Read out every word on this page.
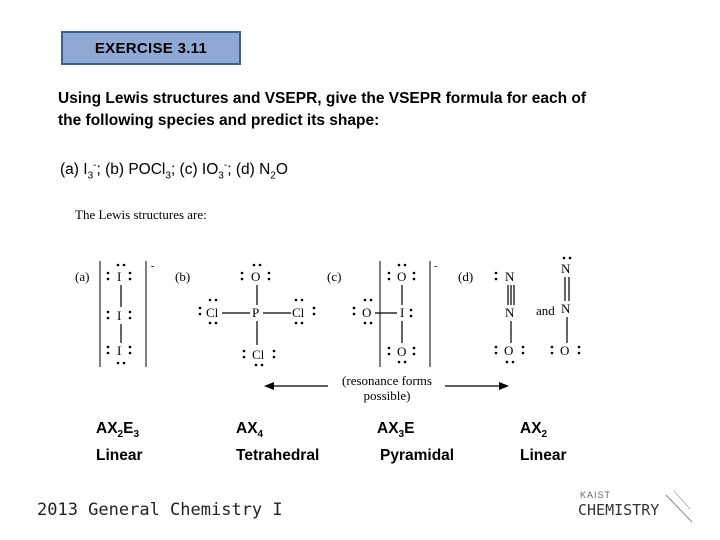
EXERCISE 3.11
Using Lewis structures and VSEPR, give the VSEPR formula for each of
the following species and predict its shape:
(a) $I_3^-$; (b) POCl$_3$; (c) $IO_3^-$; (d) $N_2O$
The Lewis structures are:
(a) I
I
I
-
(b)	O
P
Cl	Cl
Cl
(c)	O
I
O
O
-
(d) N
N
O
and
N
N
O
(resonance forms
possible)
$AX_2E_3$
Linear
$AX_4$
Tetrahedral
$AX_3E$
Pyramidal
$AX_2$
Linear
2013 General Chemistry I
KAIST
CHEMISTRY
